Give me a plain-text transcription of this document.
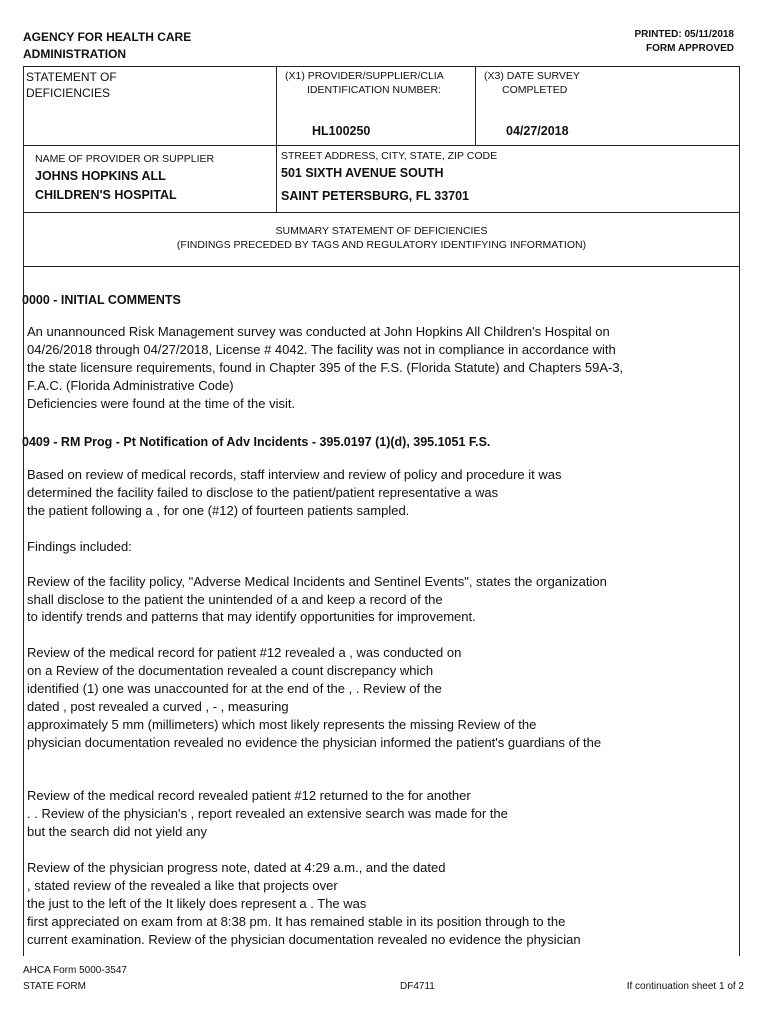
AGENCY FOR HEALTH CARE
ADMINISTRATION
PRINTED: 05/11/2018
FORM APPROVED
STATEMENT OF
DEFICIENCIES
(X1) PROVIDER/SUPPLIER/CLIA
IDENTIFICATION NUMBER:
HL100250
(X3) DATE SURVEY
COMPLETED
04/27/2018
NAME OF PROVIDER OR SUPPLIER
JOHNS HOPKINS ALL
CHILDREN'S HOSPITAL
STREET ADDRESS, CITY, STATE, ZIP CODE
501 SIXTH AVENUE SOUTH
SAINT PETERSBURG, FL 33701
SUMMARY STATEMENT OF DEFICIENCIES
(FINDINGS PRECEDED BY TAGS AND REGULATORY IDENTIFYING INFORMATION)
0000 - INITIAL COMMENTS
An unannounced Risk Management survey was conducted at John Hopkins All Children's Hospital on
04/26/2018 through 04/27/2018, License # 4042. The facility was not in compliance in accordance with
the state licensure requirements, found in Chapter 395 of the F.S. (Florida Statute) and Chapters 59A-3,
F.A.C. (Florida Administrative Code)
Deficiencies were found at the time of the visit.
0409 - RM Prog - Pt Notification of Adv Incidents - 395.0197 (1)(d), 395.1051 F.S.
Based on review of medical records, staff interview and review of policy and procedure it was
determined the facility failed to disclose to the patient/patient representative a was
the patient following a , for one (#12) of fourteen patients sampled.
Findings included:
Review of the facility policy, "Adverse Medical Incidents and Sentinel Events", states the organization
shall disclose to the patient the unintended of a and keep a record of the
to identify trends and patterns that may identify opportunities for improvement.
Review of the medical record for patient #12 revealed a , was conducted on
on a Review of the documentation revealed a count discrepancy which
identified (1) one was unaccounted for at the end of the , . Review of the
dated , post revealed a curved , - , measuring
approximately 5 mm (millimeters) which most likely represents the missing Review of the
physician documentation revealed no evidence the physician informed the patient's guardians of the
Review of the medical record revealed patient #12 returned to the for another
. . Review of the physician's , report revealed an extensive search was made for the
but the search did not yield any
Review of the physician progress note, dated at 4:29 a.m., and the dated
, stated review of the revealed a like that projects over
the just to the left of the It likely does represent a . The was
first appreciated on exam from at 8:38 pm. It has remained stable in its position through to the
current examination. Review of the physician documentation revealed no evidence the physician
AHCA Form 5000-3547
STATE FORM	DF4711	If continuation sheet 1 of 2
